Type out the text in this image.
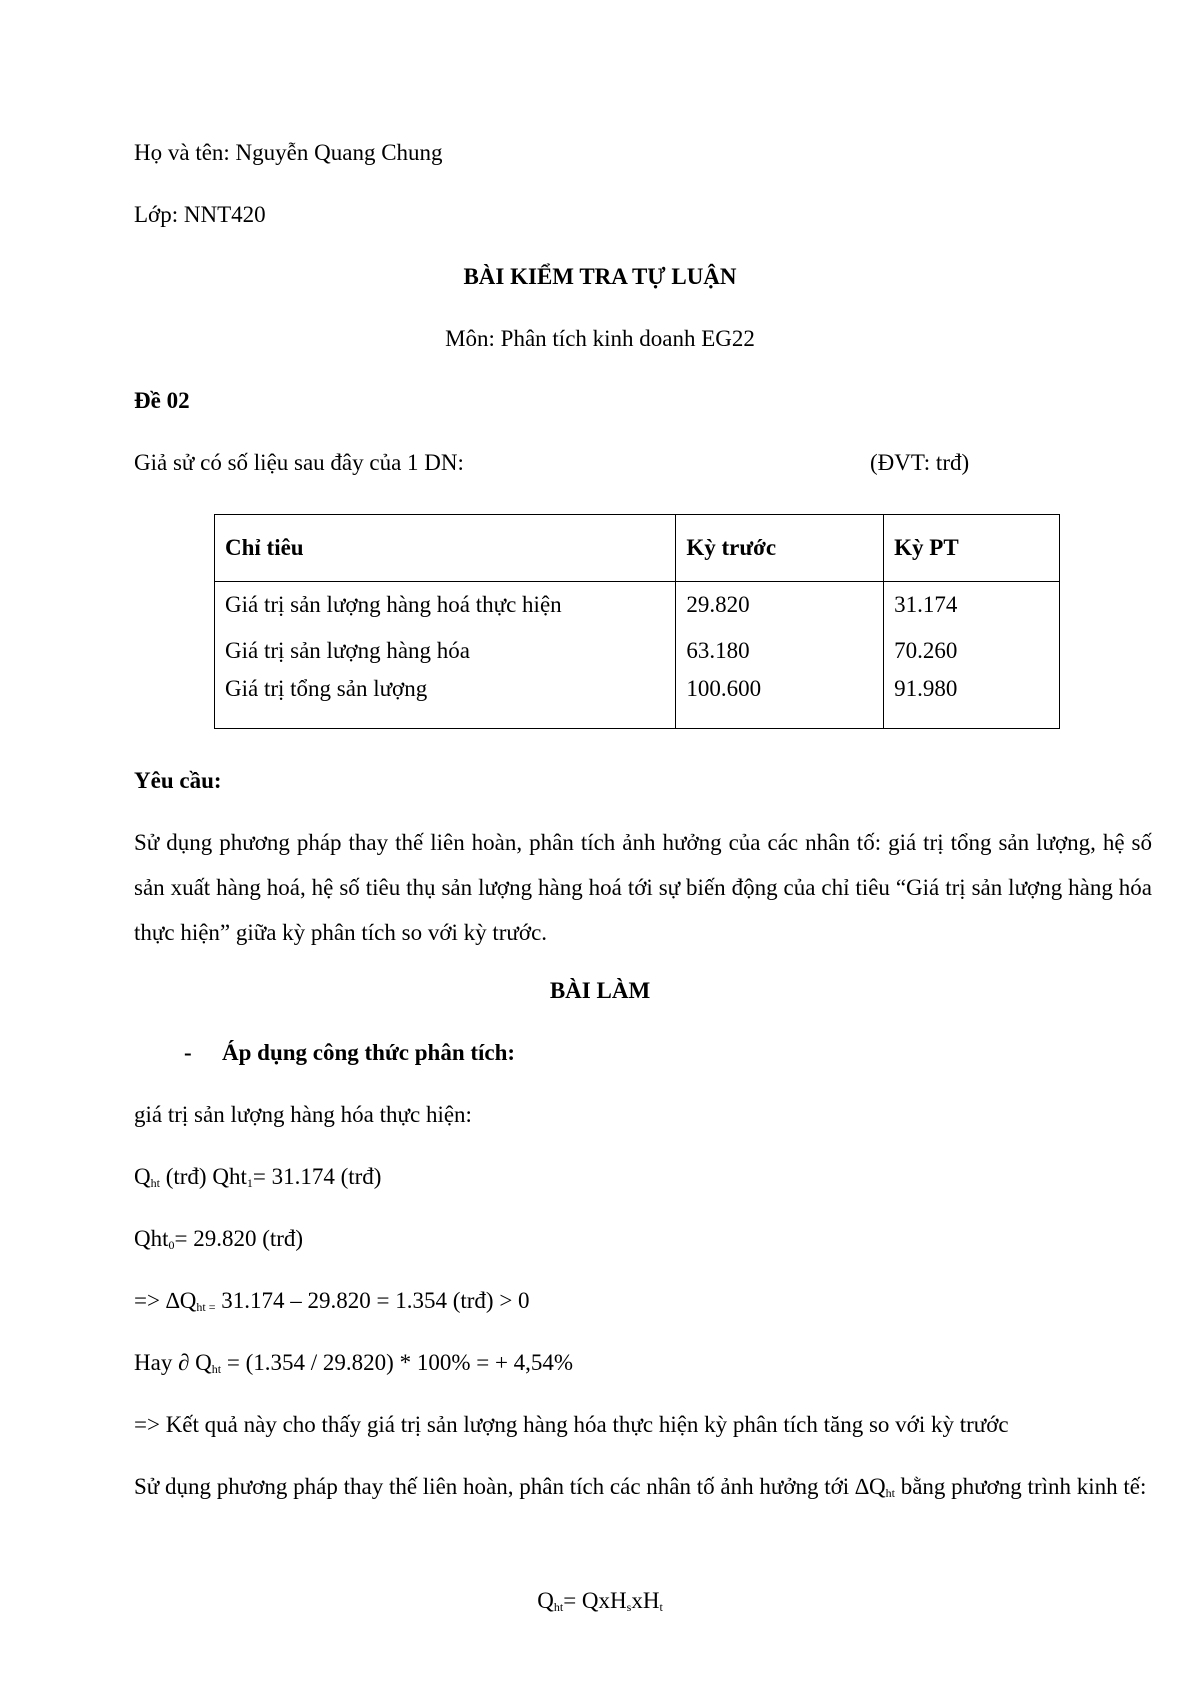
Họ và tên: Nguyễn Quang Chung
Lớp: NNT420
BÀI KIỂM TRA TỰ LUẬN
Môn: Phân tích kinh doanh EG22
Đề 02
Giả sử có số liệu sau đây của 1 DN:	(ĐVT: trđ)
Chỉ tiêu	Kỳ trước	Kỳ PT
Giá trị sản lượng hàng hoá thực hiện	29.820	31.174
Giá trị sản lượng hàng hóa	63.180	70.260
Giá trị tổng sản lượng	100.600	91.980
Yêu cầu:
Sử dụng phương pháp thay thế liên hoàn, phân tích ảnh hưởng của các nhân tố: giá trị tổng sản lượng, hệ số sản xuất hàng hoá, hệ số tiêu thụ sản lượng hàng hoá tới sự biến động của chỉ tiêu “Giá trị sản lượng hàng hóa thực hiện” giữa kỳ phân tích so với kỳ trước.
BÀI LÀM
- Áp dụng công thức phân tích:
giá trị sản lượng hàng hóa thực hiện:
$Q_{ht}$ (trđ) Qht$_1$= 31.174 (trđ)
Qht$_0$= 29.820 (trđ)
=> $\Delta Q_{ht =}$ 31.174 – 29.820 = 1.354 (trđ) > 0
Hay ∂ $Q_{ht} = (1.354 / 29.820) * 100\%$ = + 4,54%
=> Kết quả này cho thấy giá trị sản lượng hàng hóa thực hiện kỳ phân tích tăng so với kỳ trước
Sử dụng phương pháp thay thế liên hoàn, phân tích các nhân tố ảnh hưởng tới $\Delta Q_{ht}$ bằng phương trình kinh tế:
$Q_{ht}= QxH_sxH_t$
